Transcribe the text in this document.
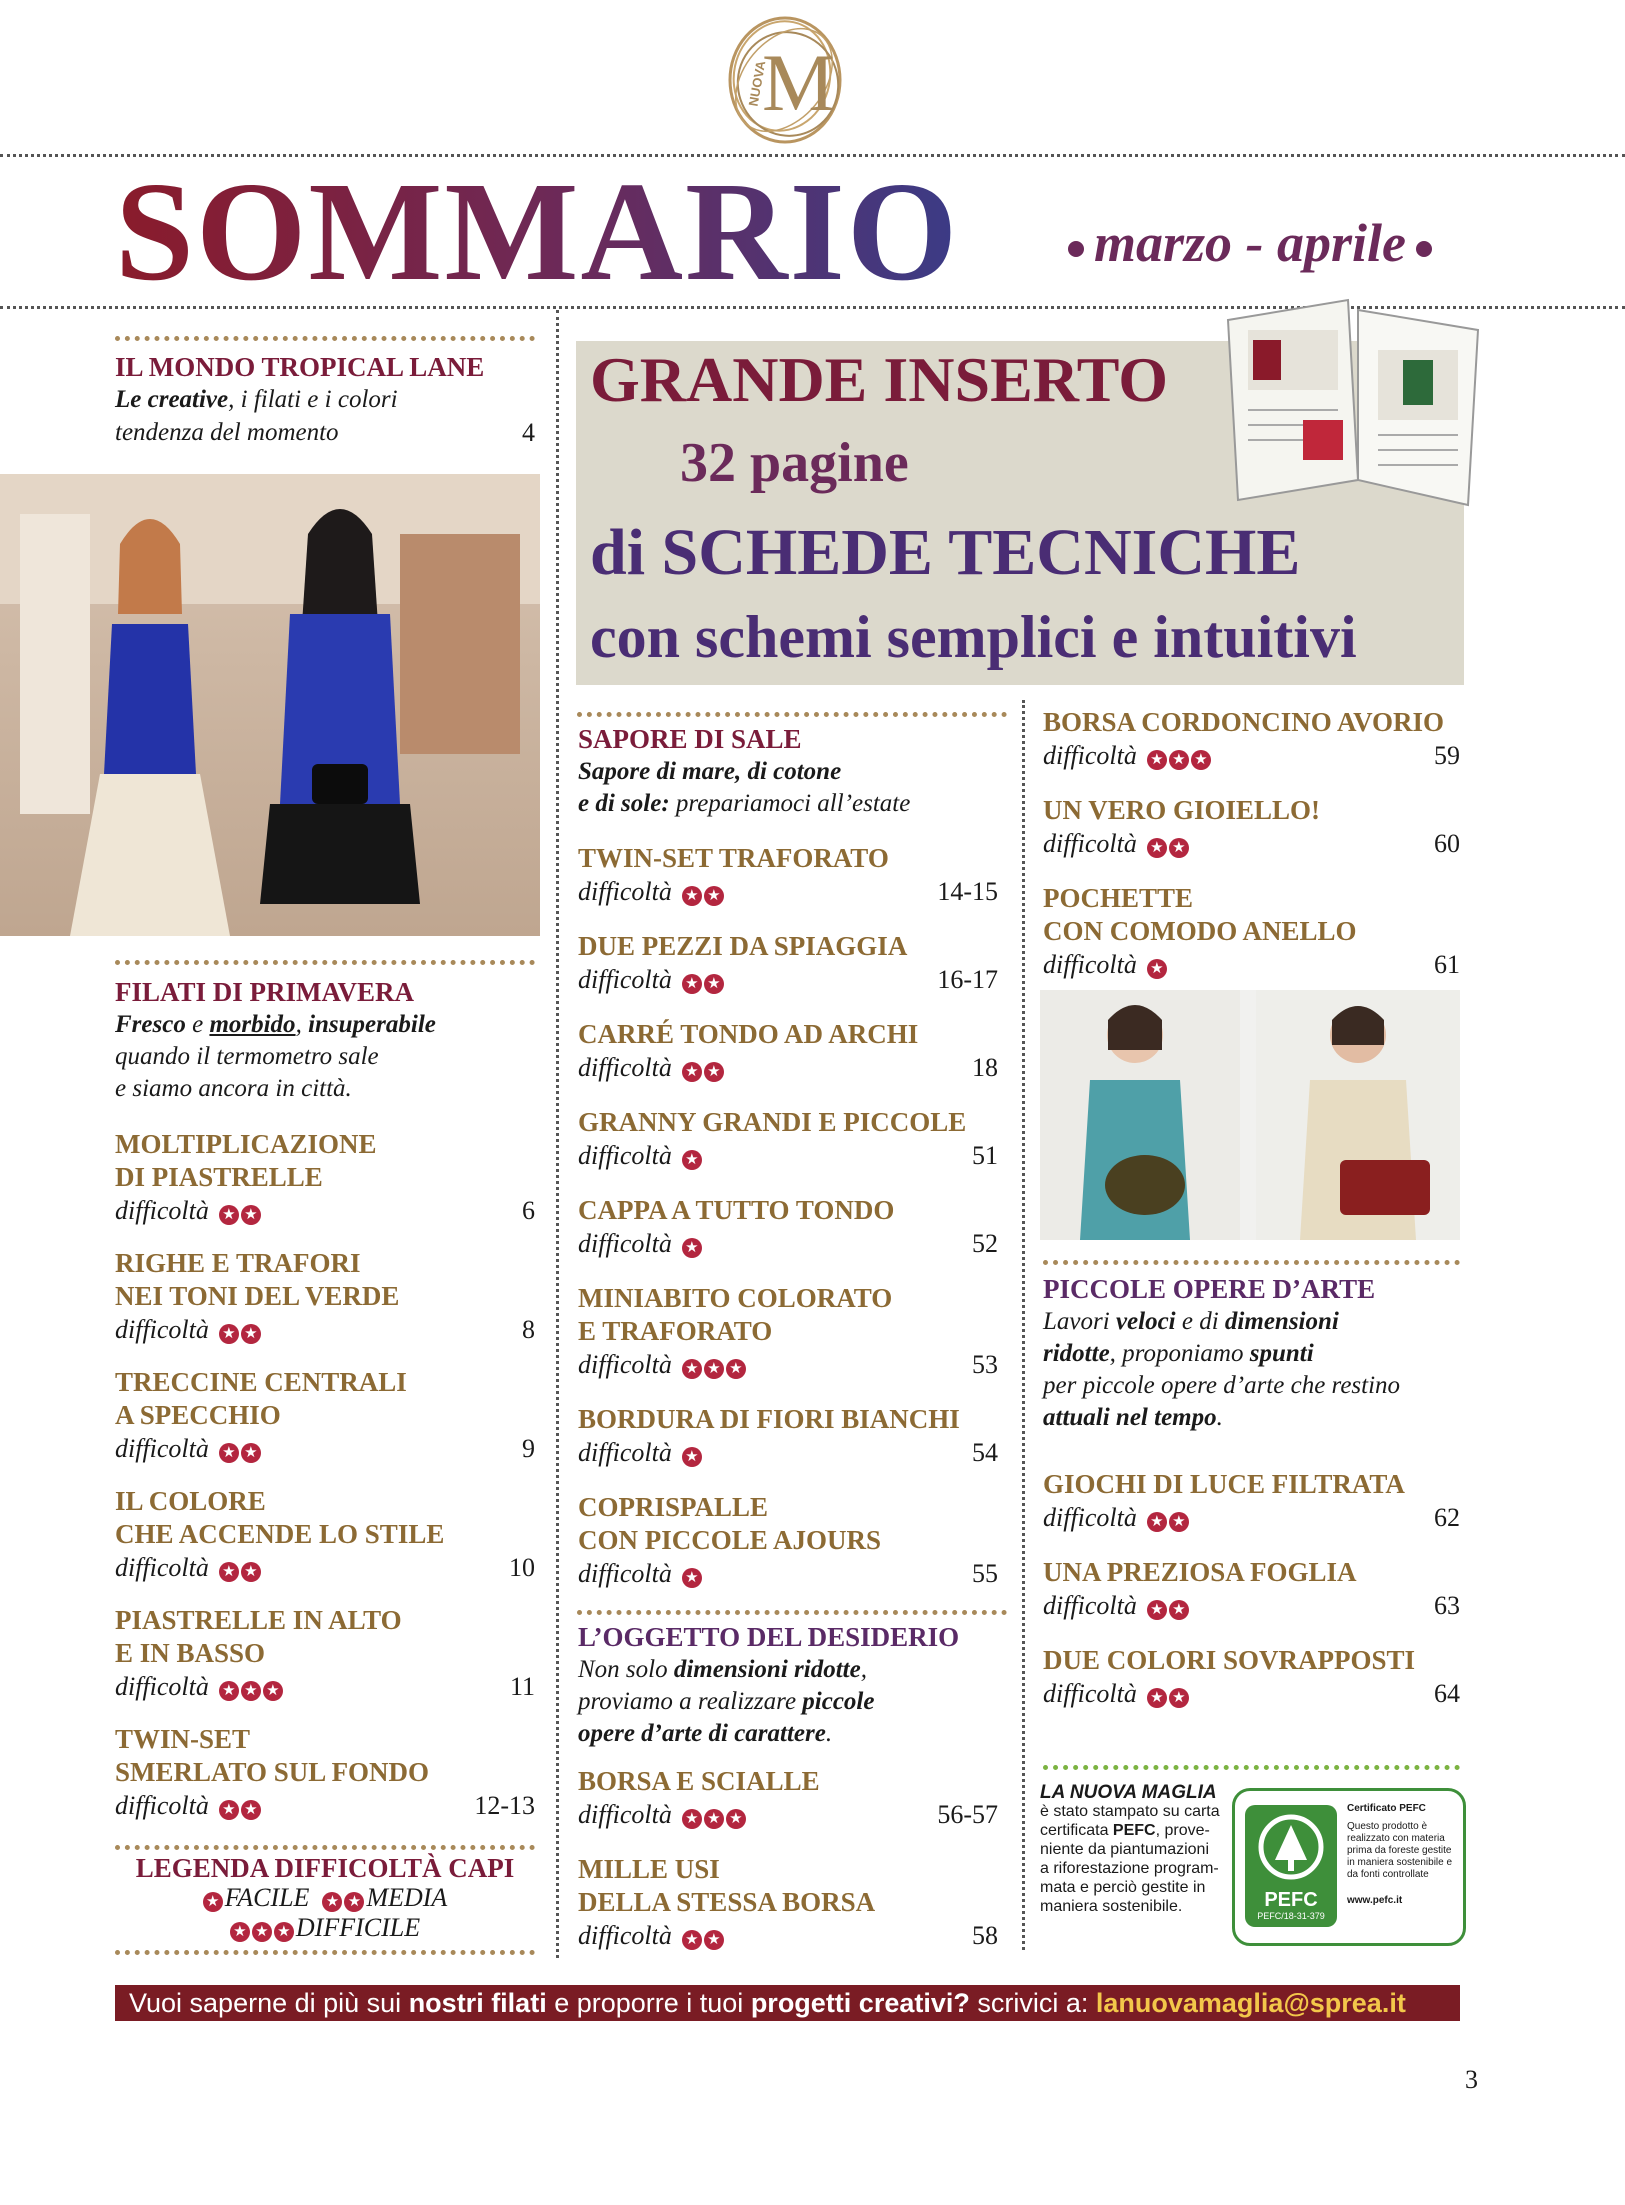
M
NUOVA
SOMMARIO	marzo - aprile

IL MONDO TROPICAL LANE

Le creative, i filati e i colori
tendenza del momento	4

FILATI DI PRIMAVERA

Fresco e morbido, insuperabile
quando il termometro sale
e siamo ancora in città.

MOLTIPLICAZIONE
DI PIASTRELLE

difficoltà ★ ★	6

RIGHE E TRAFORI
NEI TONI DEL VERDE

difficoltà ★ ★	8

TRECCINE CENTRALI
A SPECCHIO

difficoltà ★ ★	9

IL COLORE
CHE ACCENDE LO STILE

difficoltà ★ ★	10

PIASTRELLE IN ALTO
E IN BASSO

difficoltà ★ ★ ★	11

TWIN-SET
SMERLATO SUL FONDO

difficoltà ★ ★	12-13
LEGENDA DIFFICOLTÀ CAPI
★ FACILE ★ ★ MEDIA
★ ★ ★ DIFFICILE
GRANDE INSERTO
32 pagine
di SCHEDE TECNICHE
con schemi semplici e intuitivi

SAPORE DI SALE

Sapore di mare, di cotone
e di sole: prepariamoci all’estate

TWIN-SET TRAFORATO

difficoltà ★ ★	14-15

DUE PEZZI DA SPIAGGIA

difficoltà ★ ★	16-17

CARRÉ TONDO AD ARCHI

difficoltà ★ ★	18

GRANNY GRANDI E PICCOLE

difficoltà ★	51

CAPPA A TUTTO TONDO

difficoltà ★	52

MINIABITO COLORATO
E TRAFORATO

difficoltà ★ ★ ★	53

BORDURA DI FIORI BIANCHI

difficoltà ★	54

COPRISPALLE
CON PICCOLE AJOURS

difficoltà ★	55

L’OGGETTO DEL DESIDERIO

Non solo dimensioni ridotte,
proviamo a realizzare piccole
opere d’arte di carattere.

BORSA E SCIALLE

difficoltà ★ ★ ★	56-57

MILLE USI
DELLA STESSA BORSA

difficoltà ★ ★	58

BORSA CORDONCINO AVORIO

difficoltà ★ ★ ★	59

UN VERO GIOIELLO!

difficoltà ★ ★	60

POCHETTE
CON COMODO ANELLO

difficoltà ★	61

PICCOLE OPERE D’ARTE

Lavori veloci e di dimensioni
ridotte, proponiamo spunti
per piccole opere d’arte che restino
attuali nel tempo.

GIOCHI DI LUCE FILTRATA

difficoltà ★ ★	62

UNA PREZIOSA FOGLIA

difficoltà ★ ★	63

DUE COLORI SOVRAPPOSTI

difficoltà ★ ★	64
LA NUOVA MAGLIA
è stato stampato su carta
certificata PEFC, prove-
niente da piantumazioni
a riforestazione program-
mata e perciò gestite in
maniera sostenibile.	PEFC
PEFC/18-31-379
Certificato PEFC
Questo prodotto è realizzato con materia prima da foreste gestite in maniera sostenibile e da fonti controllate
www.pefc.it
Vuoi saperne di più sui nostri filati e proporre i tuoi progetti creativi? scrivici a: lanuovamaglia@sprea.it
3
